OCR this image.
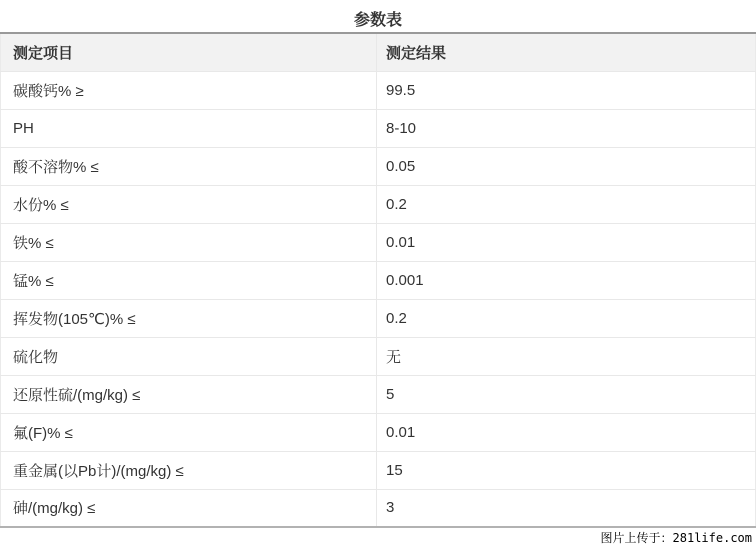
参数表
测定项目	测定结果
碳酸钙% ≥	99.5
PH	8-10
酸不溶物% ≤	0.05
水份% ≤	0.2
铁% ≤	0.01
锰% ≤	0.001
挥发物(105℃)% ≤	0.2
硫化物	无
还原性硫/(mg/kg) ≤	5
氟(F)% ≤	0.01
重金属(以Pb计)/(mg/kg) ≤	15
砷/(mg/kg) ≤	3
图片上传于：281life.com
